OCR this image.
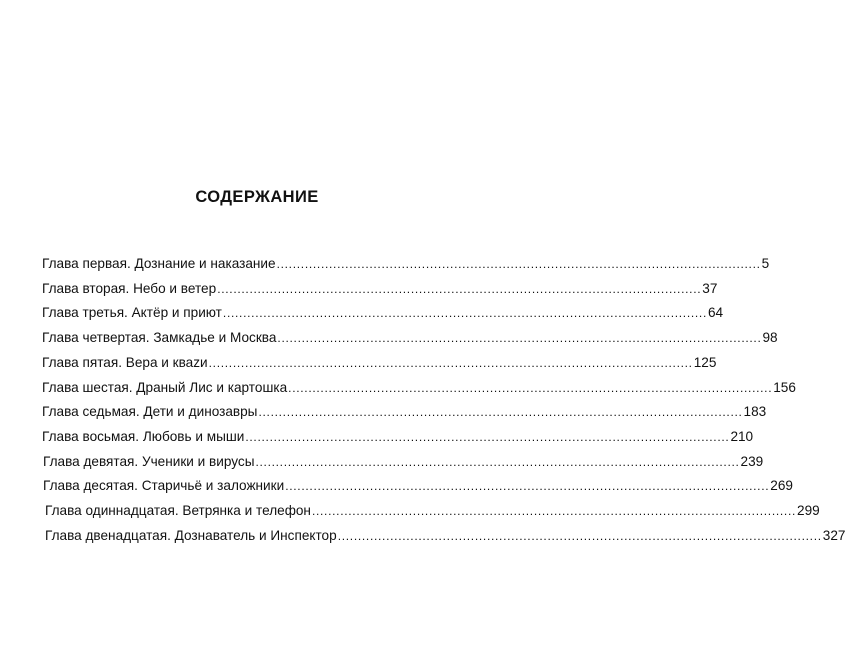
СОДЕРЖАНИЕ
Глава первая. Дознание и наказание ........................................................................................................................ 5
Глава вторая. Небо и ветер ........................................................................................................................ 37
Глава третья. Актёр и приют ........................................................................................................................ 64
Глава четвертая. Замкадье и Москва ........................................................................................................................ 98
Глава пятая. Вера и кваzи ........................................................................................................................ 125
Глава шестая. Драный Лис и картошка ........................................................................................................................ 156
Глава седьмая. Дети и динозавры ........................................................................................................................ 183
Глава восьмая. Любовь и мыши ........................................................................................................................ 210
Глава девятая. Ученики и вирусы ........................................................................................................................ 239
Глава десятая. Старичьё и заложники ........................................................................................................................ 269
Глава одиннадцатая. Ветрянка и телефон ........................................................................................................................ 299
Глава двенадцатая. Дознаватель и Инспектор ........................................................................................................................ 327
